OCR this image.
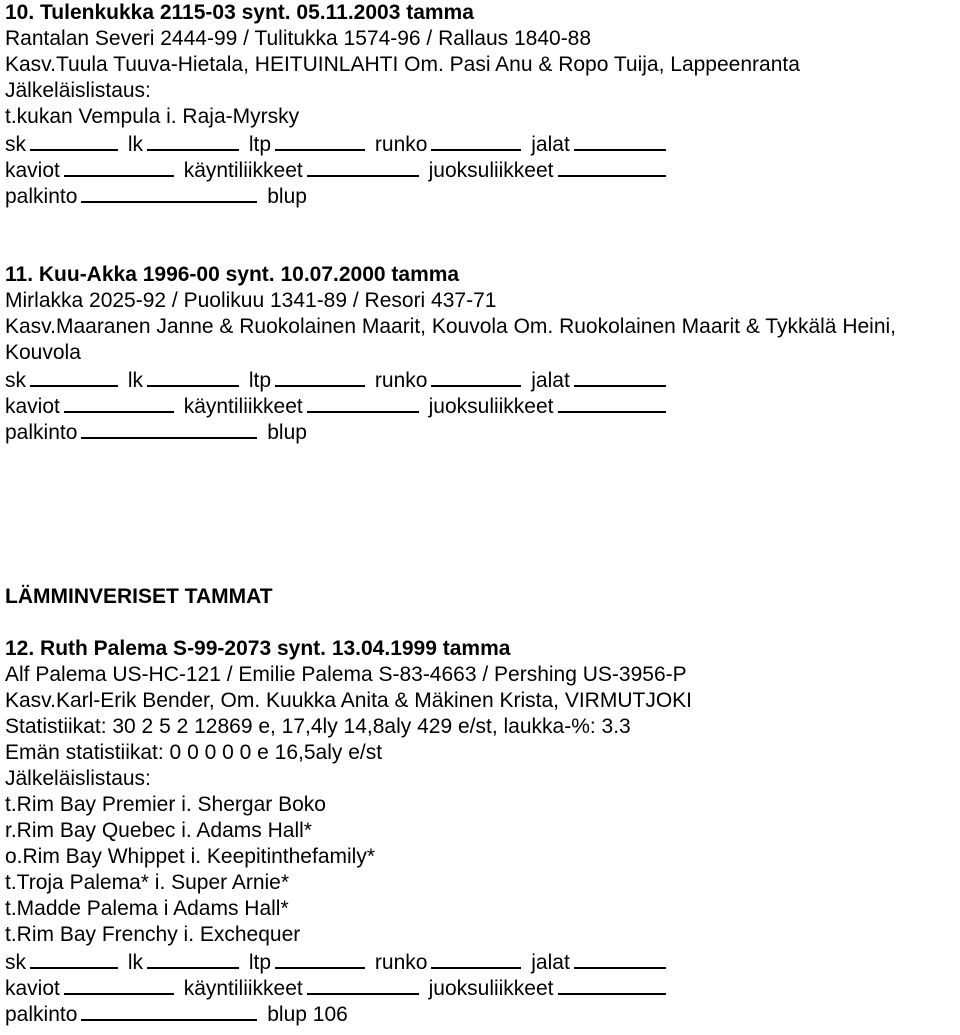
10. Tulenkukka 2115-03 synt. 05.11.2003 tamma
Rantalan Severi 2444-99 / Tulitukka 1574-96 / Rallaus 1840-88
Kasv.Tuula Tuuva-Hietala, HEITUINLAHTI Om. Pasi Anu & Ropo Tuija, Lappeenranta
Jälkeläislistaus:
t.kukan Vempula i. Raja-Myrsky
sk	lk	ltp	runko	jalat
kaviot	käyntiliikkeet	juoksuliikkeet
palkinto	blup
11. Kuu-Akka 1996-00 synt. 10.07.2000 tamma
Mirlakka 2025-92 / Puolikuu 1341-89 / Resori 437-71
Kasv.Maaranen Janne & Ruokolainen Maarit, Kouvola Om. Ruokolainen Maarit & Tykkälä Heini,
Kouvola
sk	lk	ltp	runko	jalat
kaviot	käyntiliikkeet	juoksuliikkeet
palkinto	blup
LÄMMINVERISET TAMMAT
12. Ruth Palema S-99-2073 synt. 13.04.1999 tamma
Alf Palema US-HC-121 / Emilie Palema S-83-4663 / Pershing US-3956-P
Kasv.Karl-Erik Bender, Om. Kuukka Anita & Mäkinen Krista, VIRMUTJOKI
Statistiikat: 30 2 5 2 12869 e, 17,4ly 14,8aly 429 e/st, laukka-%: 3.3
Emän statistiikat: 0 0 0 0 0 e 16,5aly e/st
Jälkeläislistaus:
t.Rim Bay Premier i. Shergar Boko
r.Rim Bay Quebec i. Adams Hall*
o.Rim Bay Whippet i. Keepitinthefamily*
t.Troja Palema* i. Super Arnie*
t.Madde Palema i Adams Hall*
t.Rim Bay Frenchy i. Exchequer
sk	lk	ltp	runko	jalat
kaviot	käyntiliikkeet	juoksuliikkeet
palkinto	blup 106
